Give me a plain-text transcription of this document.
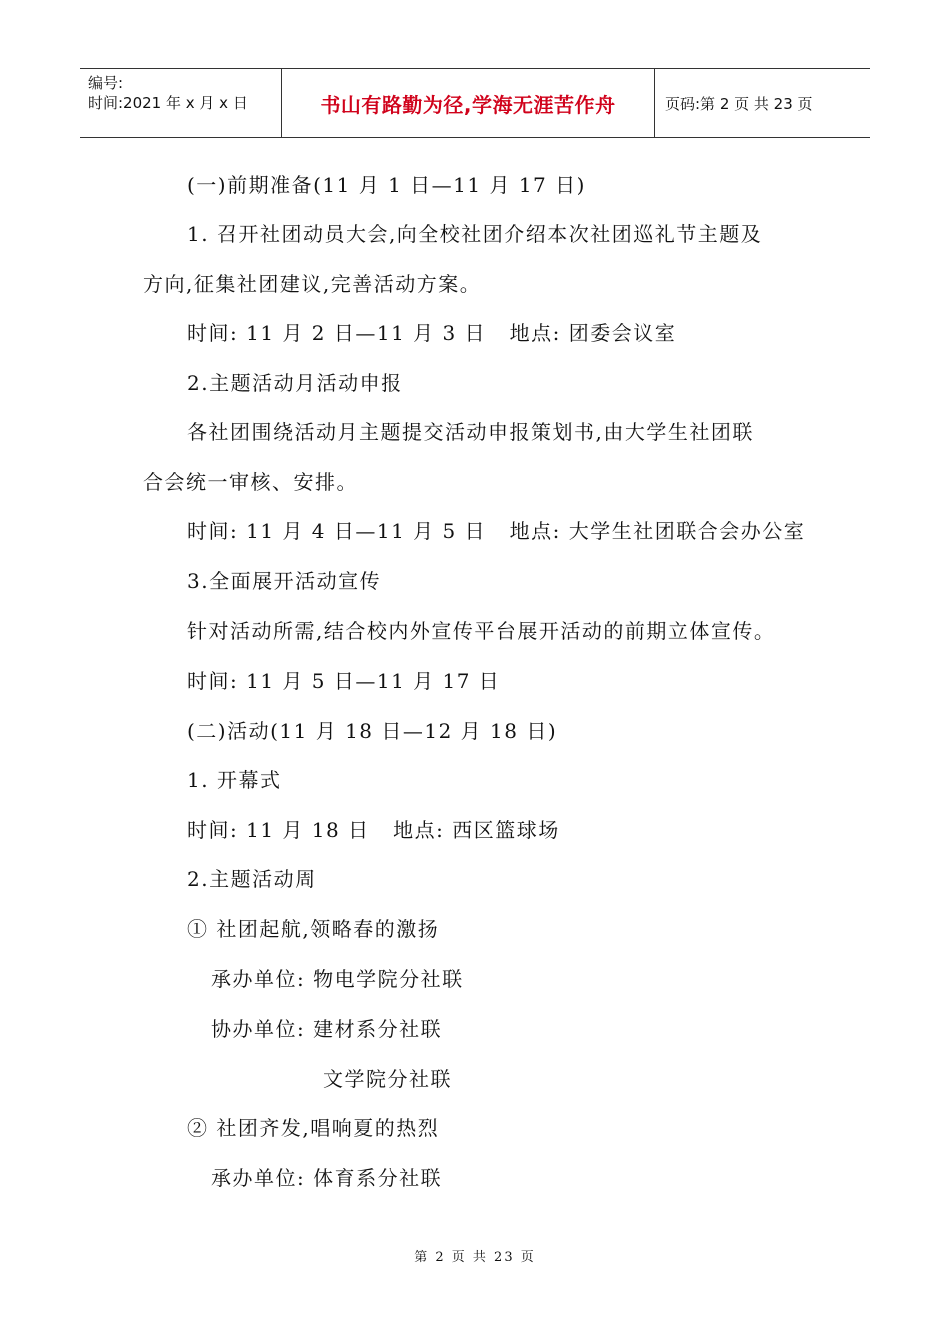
编号:
时间:2021 年 x 月 x 日	书山有路勤为径,学海无涯苦作舟	页码:第 2 页 共 23 页
(一)前期准备(11 月 1 日—11 月 17 日)
1. 召开社团动员大会,向全校社团介绍本次社团巡礼节主题及
方向,征集社团建议,完善活动方案。
时间: 11 月 2 日—11 月 3 日   地点: 团委会议室
2.主题活动月活动申报
各社团围绕活动月主题提交活动申报策划书,由大学生社团联
合会统一审核、安排。
时间: 11 月 4 日—11 月 5 日   地点: 大学生社团联合会办公室
3.全面展开活动宣传
针对活动所需,结合校内外宣传平台展开活动的前期立体宣传。
时间: 11 月 5 日—11 月 17 日
(二)活动(11 月 18 日—12 月 18 日)
1. 开幕式
时间: 11 月 18 日   地点: 西区篮球场
2.主题活动周
① 社团起航,领略春的激扬
承办单位: 物电学院分社联
协办单位: 建材系分社联
文学院分社联
② 社团齐发,唱响夏的热烈
承办单位: 体育系分社联
第 2 页 共 23 页
